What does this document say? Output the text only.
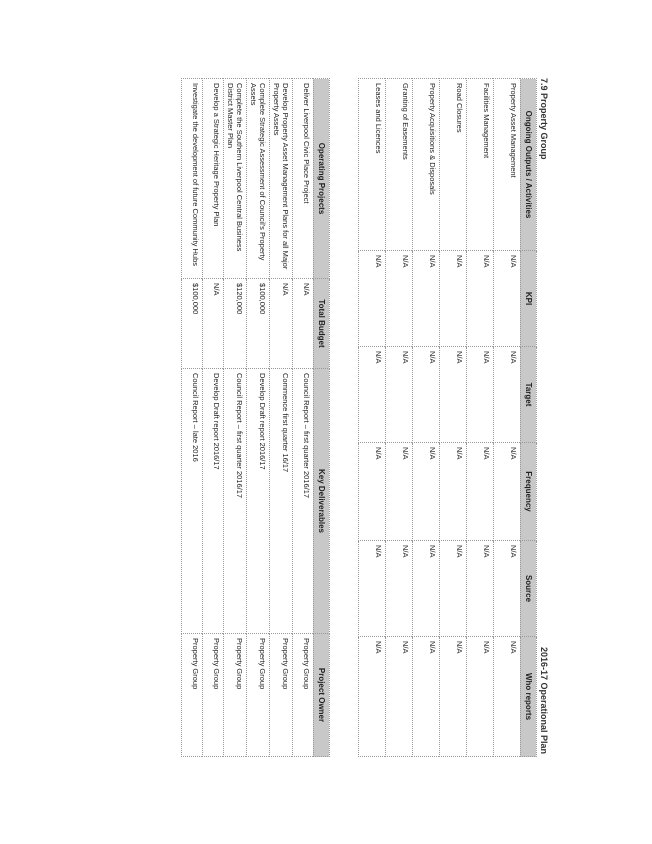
7.9 Property Group
2016-17 Operational Plan
Ongoing Outputs / Activities	KPI	Target	Frequency	Source	Who reports
Property Asset Management	N/A	N/A	N/A	N/A	N/A
Facilities Management	N/A	N/A	N/A	N/A	N/A
Road Closures	N/A	N/A	N/A	N/A	N/A
Property Acquisitions & Disposals	N/A	N/A	N/A	N/A	N/A
Granting of Easements	N/A	N/A	N/A	N/A	N/A
Leases and Licences	N/A	N/A	N/A	N/A	N/A
Operating Projects	Total Budget	Key Deliverables	Project Owner
Deliver Liverpool Civic Place Project	N/A	Council Report – first quarter 2016/17	Property Group
Develop Property Asset Management Plans for all Major Property Assets	N/A	Commence first quarter 16/17	Property Group
Complete Strategic Assessment of Council's Property Assets	$100,000	Develop Draft report 2016/17	Property Group
Complete the Southern Liverpool Central Business District Master Plan	$120,000	Council Report – first quarter 2016/17	Property Group
Develop a Strategic Heritage Property Plan	N/A	Develop Draft report 2016/17	Property Group
Investigate the development of future Community Hubs	$100,000	Council Report – late 2016	Property Group
